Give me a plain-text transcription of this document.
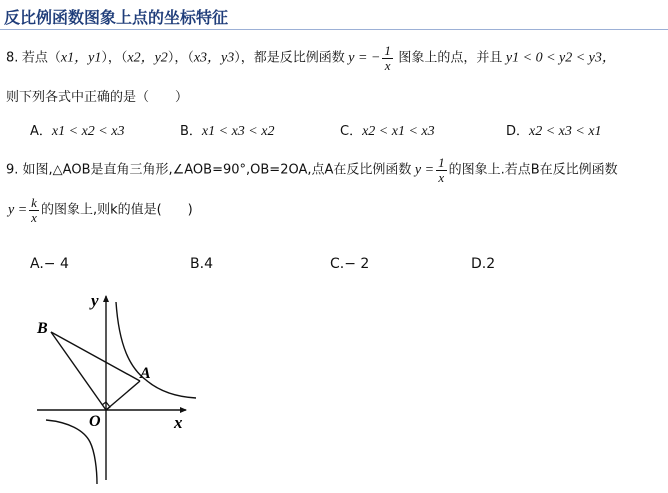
反比例函数图象上点的坐标特征
8. 若点（x1，y1），（x2，y2），（x3，y3），都是反比例函数 y = − $\frac{1}{x}$ 图象上的点，并且 y1 < 0 < y2 < y3，
则下列各式中正确的是（　　）
A．x1 < x2 < x3	B．x1 < x3 < x2	C．x2 < x1 < x3	D．x2 < x3 < x1
9. 如图,△AOB是直角三角形,∠AOB=90°,OB=2OA,点A在反比例函数 $y = \frac{1}{x}$ 的图象上.若点B在反比例函数
$y = \frac{k}{x}$ 的图象上,则k的值是(　　)
A.− 4	B.4	C.− 2	D.2
y
x
O
A
B
